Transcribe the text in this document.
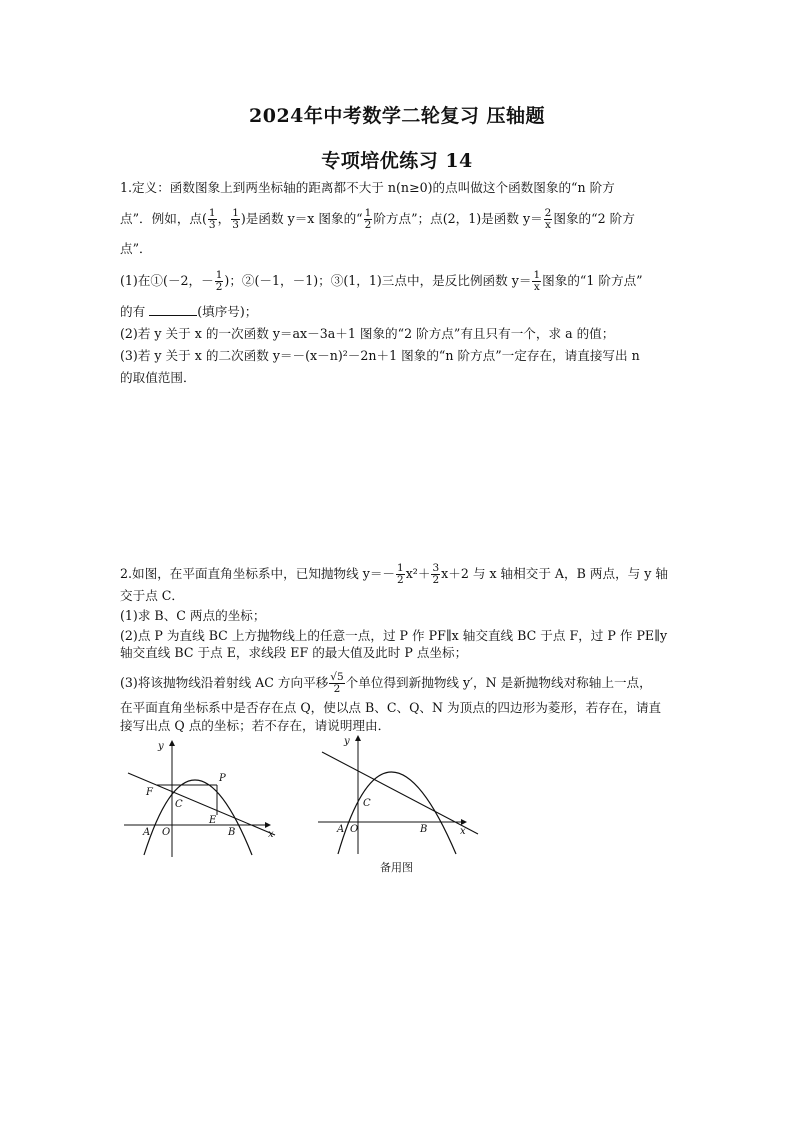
2024年中考数学二轮复习 压轴题
专项培优练习 14
1.定义：函数图象上到两坐标轴的距离都不大于 n(n≥0)的点叫做这个函数图象的“n 阶方
点”．例如，点( $\frac{1}{3}$ ， $\frac{1}{3}$ )是函数 y＝x 图象的“ $\frac{1}{2}$ 阶方点”；点(2，1)是函数 $y= \frac{2}{x}$ 图象的“2 阶方
点”．
(1)在①(－2，－ $\frac{1}{2}$ )；②(－1，－1)；③(1，1)三点中，是反比例函数 $y= \frac{1}{x}$ 图象的“1 阶方点”
的有	(填序号)；
(2)若 y 关于 x 的一次函数 y＝ax－3a＋1 图象的“2 阶方点”有且只有一个，求 a 的值；
(3)若 y 关于 x 的二次函数 y＝－(x－n)²－2n＋1 图象的“n 阶方点”一定存在，请直接写出 n
的取值范围．
2.如图，在平面直角坐标系中，已知抛物线 $y=- \frac{1}{2} x^2+ \frac{3}{2} x+2$ 与 x 轴相交于 A，B 两点，与 y 轴
交于点 C．
(1)求 B、C 两点的坐标；
(2)点 P 为直线 BC 上方抛物线上的任意一点，过 P 作 PF∥x 轴交直线 BC 于点 F，过 P 作 PE∥y
轴交直线 BC 于点 E，求线段 EF 的最大值及此时 P 点坐标；
(3)将该抛物线沿着射线 AC 方向平移 $\frac{√5}{2}$ 个单位得到新抛物线 y′，N 是新抛物线对称轴上一点，
在平面直角坐标系中是否存在点 Q，使以点 B、C、Q、N 为顶点的四边形为菱形，若存在，请直
接写出点 Q 点的坐标；若不存在，请说明理由．
y
x
P
F
C
E
A O	B
y
x
C
A O	B
备用图
